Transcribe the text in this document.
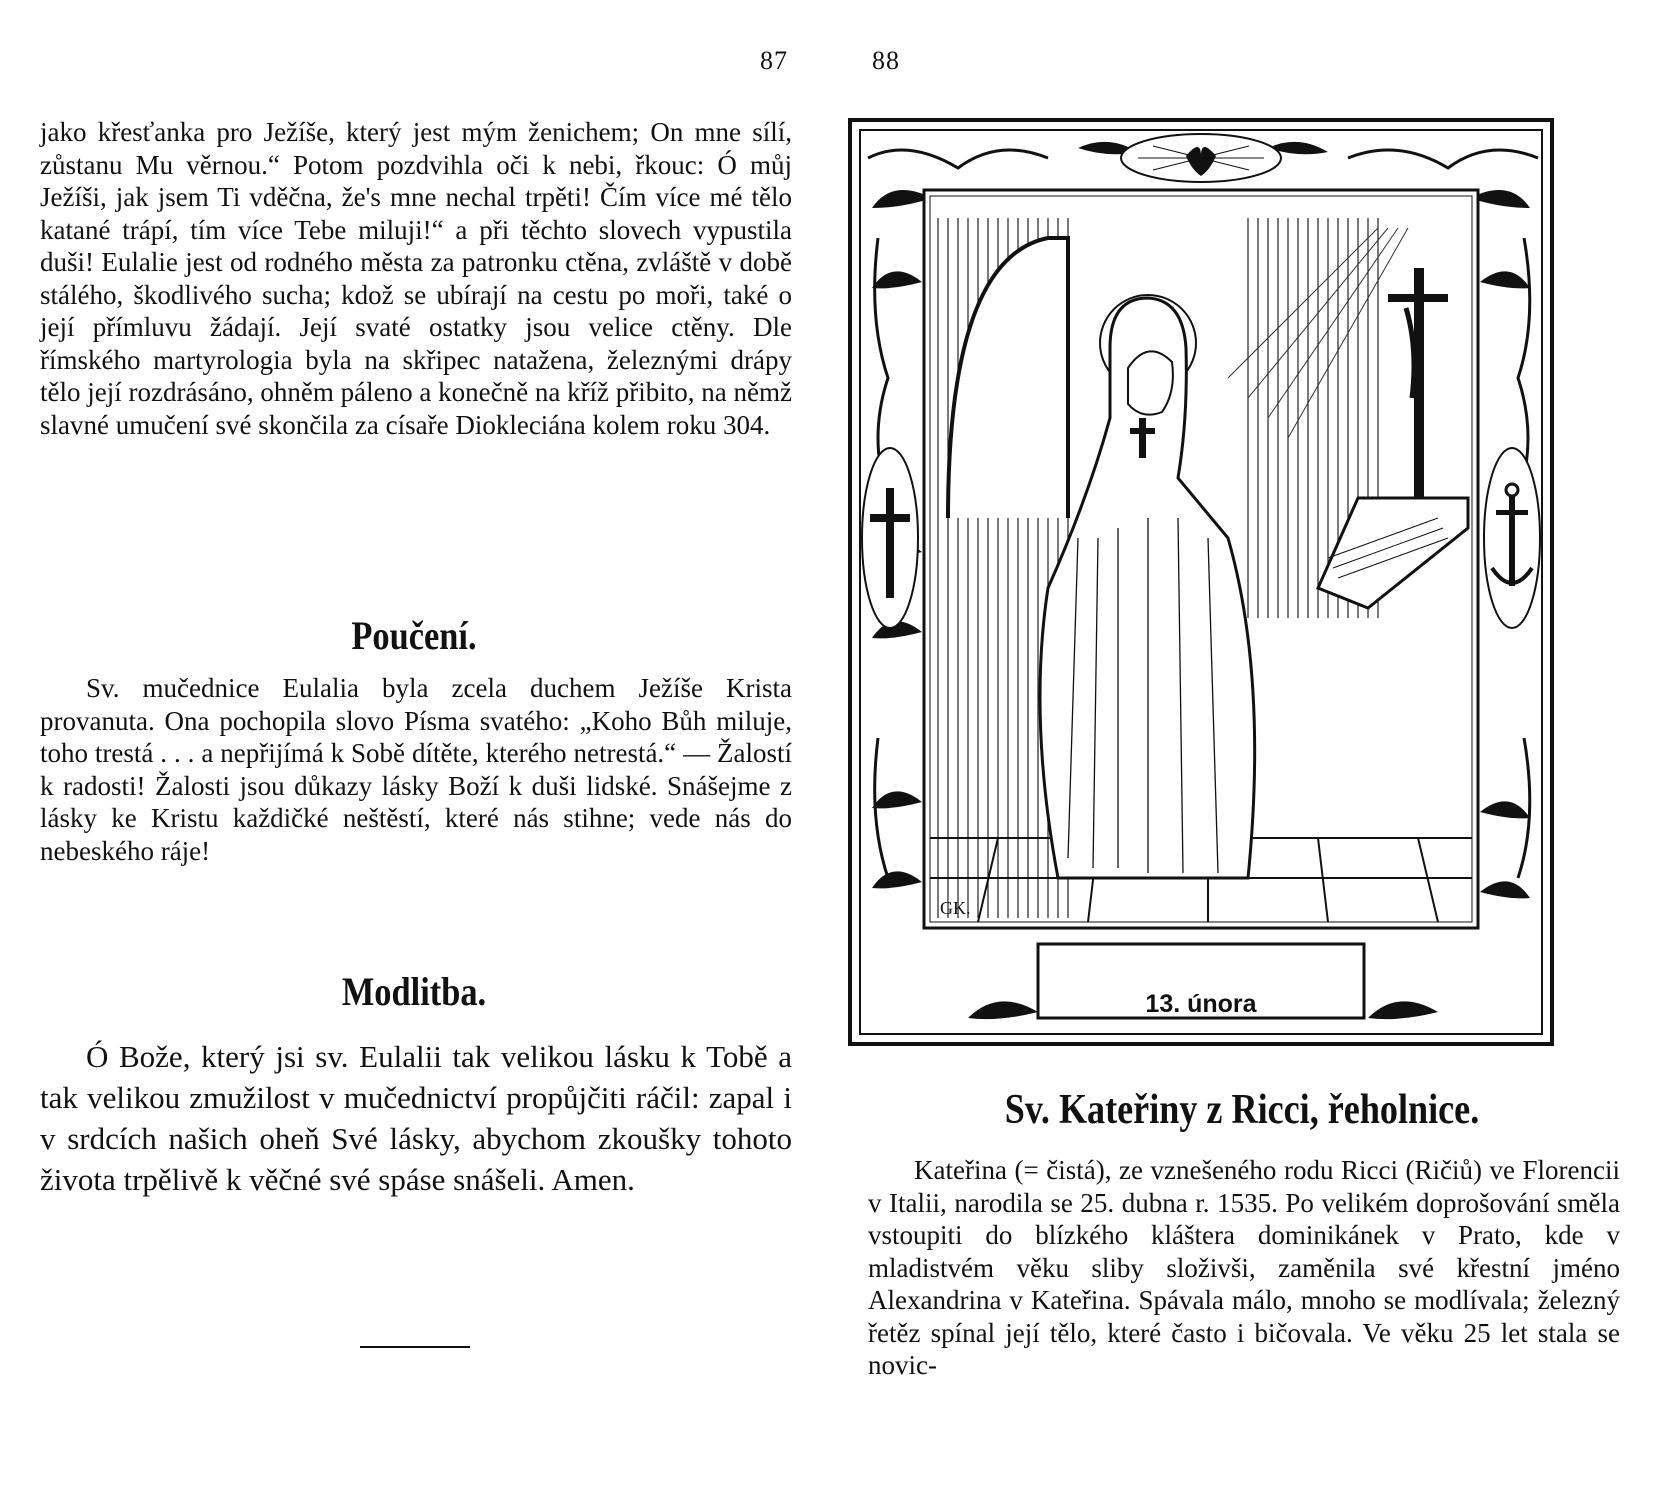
87
jako křesťanka pro Ježíše, který jest mým ženichem; On mne sílí, zůstanu Mu věrnou.“ Potom pozdvihla oči k nebi, řkouc: Ó můj Ježíši, jak jsem Ti vděčna, že's mne nechal trpěti! Čím více mé tělo katané trápí, tím více Tebe miluji!“ a při těchto slovech vypustila duši! Eulalie jest od rodného města za patronku ctěna, zvláště v době stálého, škodlivého sucha; kdož se ubírají na cestu po moři, také o její přímluvu žádají. Její svaté ostatky jsou velice ctěny. Dle římského martyrologia byla na skřipec natažena, železnými drápy tělo její rozdrásáno, ohněm páleno a konečně na kříž přibito, na němž slavné umučení své skončila za císaře Diokleciána kolem roku 304.
Poučení.
Sv. mučednice Eulalia byla zcela duchem Ježíše Krista provanuta. Ona pochopila slovo Písma svatého: „Koho Bůh miluje, toho trestá . . . a nepřijímá k Sobě dítěte, kterého netrestá.“ — Žalostí k radosti! Žalosti jsou důkazy lásky Boží k duši lidské. Snášejme z lásky ke Kristu každičké neštěstí, které nás stihne; vede nás do nebeského ráje!
Modlitba.
Ó Bože, který jsi sv. Eulalii tak velikou lásku k Tobě a tak velikou zmužilost v mučednictví propůjčiti ráčil: zapal i v srdcích našich oheň Své lásky, abychom zkoušky tohoto života trpělivě k věčné své spáse snášeli. Amen.
88
GK.
13. února
Sv. Kateřiny z Ricci, řeholnice.
Kateřina (= čistá), ze vznešeného rodu Ricci (Ričiů) ve Florencii v Italii, narodila se 25. dubna r. 1535. Po velikém doprošování směla vstoupiti do blízkého kláštera dominikánek v Prato, kde v mladistvém věku sliby složivši, zaměnila své křestní jméno Alexandrina v Kateřina. Spávala málo, mnoho se modlívala; železný řetěz spínal její tělo, které často i bičovala. Ve věku 25 let stala se novic-
